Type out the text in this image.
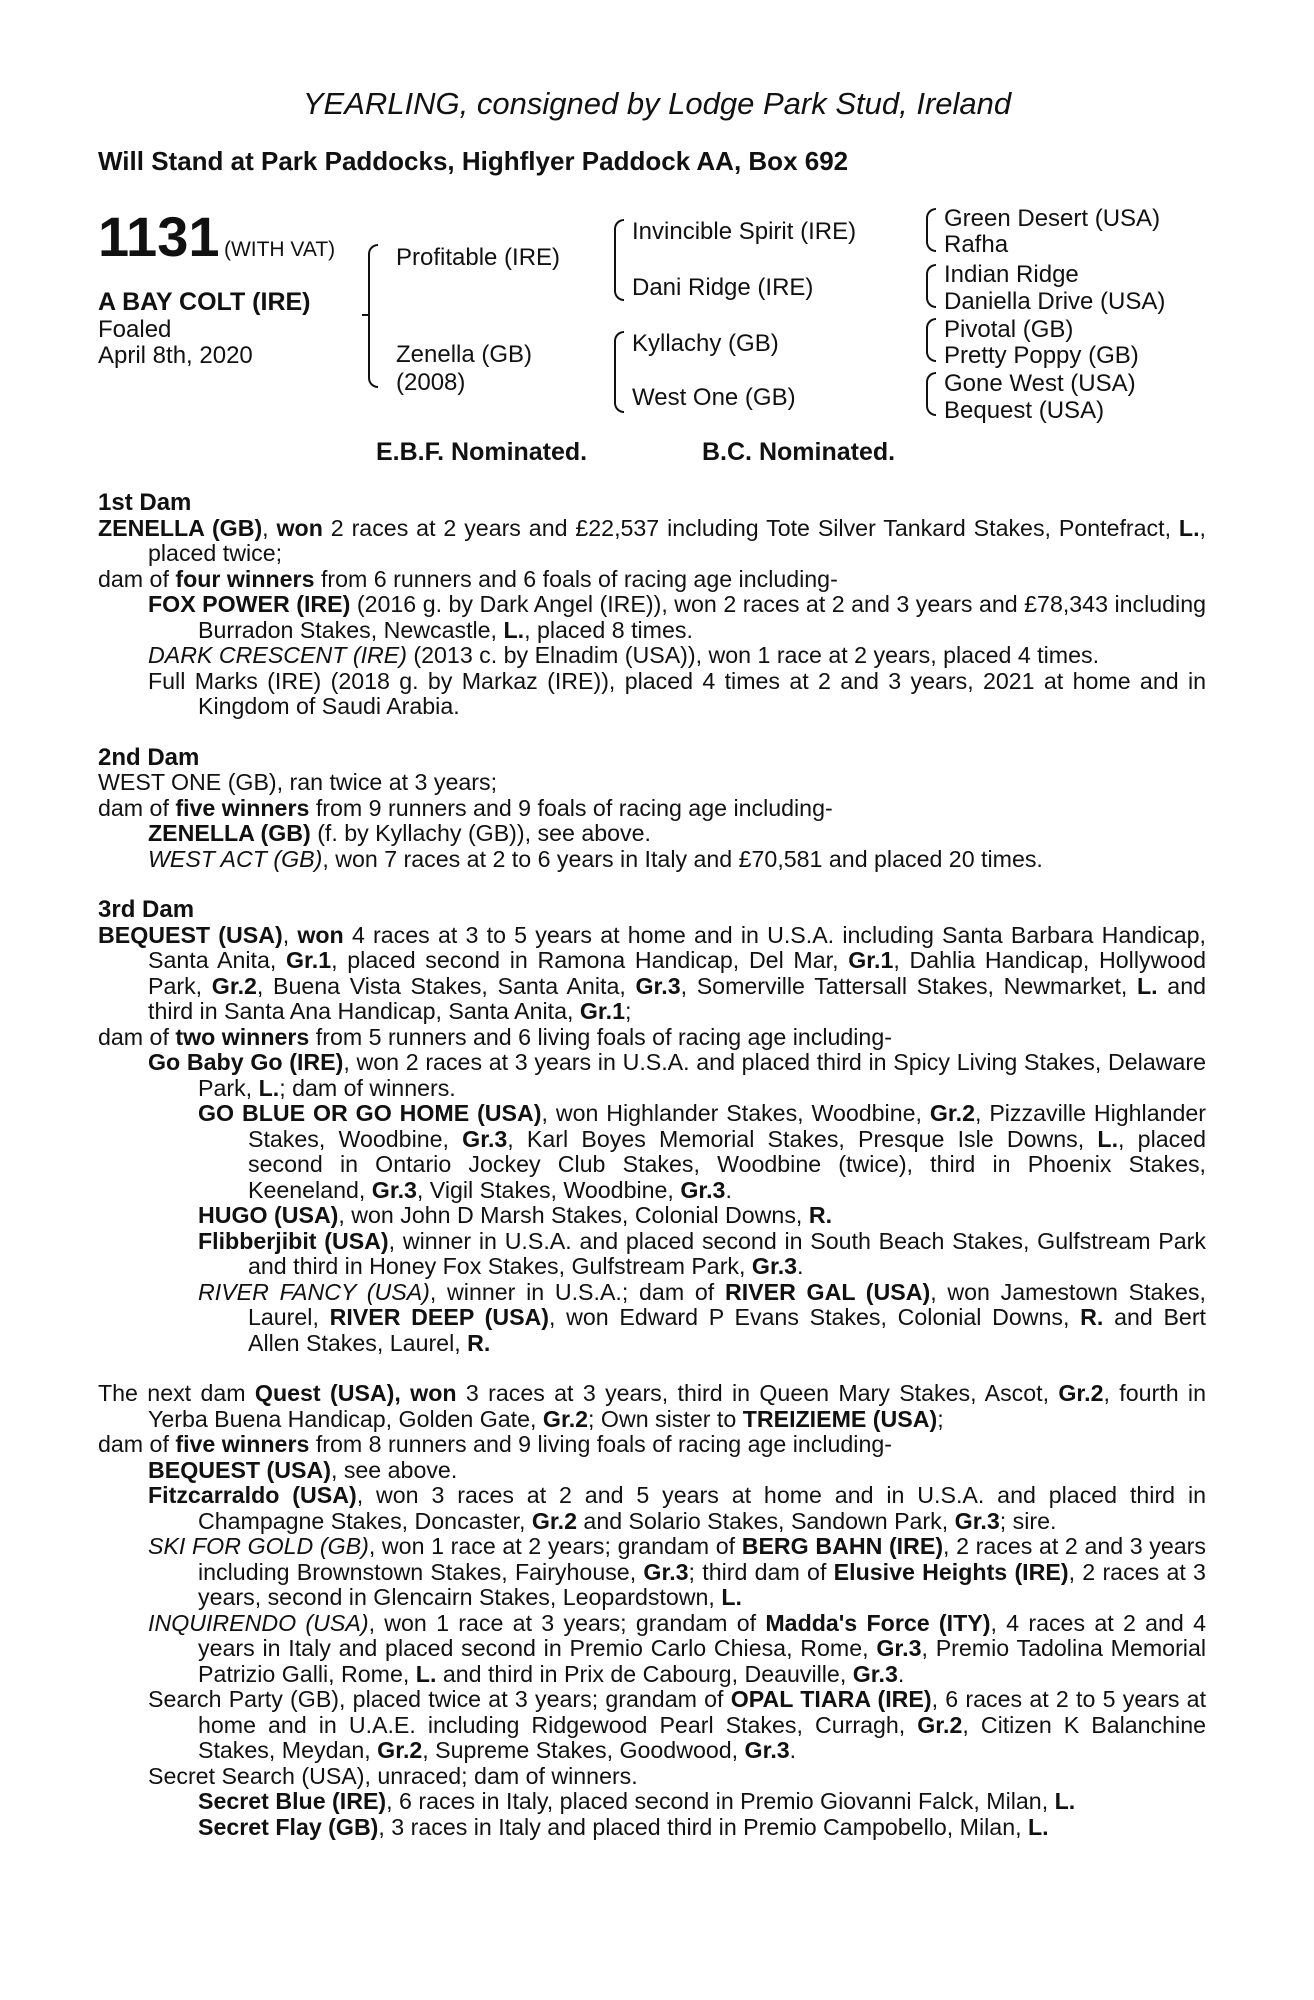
YEARLING, consigned by Lodge Park Stud, Ireland
Will Stand at Park Paddocks, Highflyer Paddock AA, Box 692
1131 (WITH VAT)
A BAY COLT (IRE)
Foaled
April 8th, 2020
Profitable (IRE)
Zenella (GB)
(2008)
Invincible Spirit (IRE)
Dani Ridge (IRE)
Kyllachy (GB)
West One (GB)
Green Desert (USA)
Rafha
Indian Ridge
Daniella Drive (USA)
Pivotal (GB)
Pretty Poppy (GB)
Gone West (USA)
Bequest (USA)
E.B.F. Nominated.	B.C. Nominated.

1st Dam

ZENELLA (GB), won 2 races at 2 years and £22,537 including Tote Silver Tankard Stakes, Pontefract, L., placed twice;

dam of four winners from 6 runners and 6 foals of racing age including-

FOX POWER (IRE) (2016 g. by Dark Angel (IRE)), won 2 races at 2 and 3 years and £78,343 including Burradon Stakes, Newcastle, L., placed 8 times.

DARK CRESCENT (IRE) (2013 c. by Elnadim (USA)), won 1 race at 2 years, placed 4 times.

Full Marks (IRE) (2018 g. by Markaz (IRE)), placed 4 times at 2 and 3 years, 2021 at home and in Kingdom of Saudi Arabia.

2nd Dam

WEST ONE (GB), ran twice at 3 years;

dam of five winners from 9 runners and 9 foals of racing age including-

ZENELLA (GB) (f. by Kyllachy (GB)), see above.

WEST ACT (GB), won 7 races at 2 to 6 years in Italy and £70,581 and placed 20 times.

3rd Dam

BEQUEST (USA), won 4 races at 3 to 5 years at home and in U.S.A. including Santa Barbara Handicap, Santa Anita, Gr.1, placed second in Ramona Handicap, Del Mar, Gr.1, Dahlia Handicap, Hollywood Park, Gr.2, Buena Vista Stakes, Santa Anita, Gr.3, Somerville Tattersall Stakes, Newmarket, L. and third in Santa Ana Handicap, Santa Anita, Gr.1;

dam of two winners from 5 runners and 6 living foals of racing age including-

Go Baby Go (IRE), won 2 races at 3 years in U.S.A. and placed third in Spicy Living Stakes, Delaware Park, L.; dam of winners.

GO BLUE OR GO HOME (USA), won Highlander Stakes, Woodbine, Gr.2, Pizzaville Highlander Stakes, Woodbine, Gr.3, Karl Boyes Memorial Stakes, Presque Isle Downs, L., placed second in Ontario Jockey Club Stakes, Woodbine (twice), third in Phoenix Stakes, Keeneland, Gr.3, Vigil Stakes, Woodbine, Gr.3.

HUGO (USA), won John D Marsh Stakes, Colonial Downs, R.

Flibberjibit (USA), winner in U.S.A. and placed second in South Beach Stakes, Gulfstream Park and third in Honey Fox Stakes, Gulfstream Park, Gr.3.

RIVER FANCY (USA), winner in U.S.A.; dam of RIVER GAL (USA), won Jamestown Stakes, Laurel, RIVER DEEP (USA), won Edward P Evans Stakes, Colonial Downs, R. and Bert Allen Stakes, Laurel, R.

The next dam Quest (USA), won 3 races at 3 years, third in Queen Mary Stakes, Ascot, Gr.2, fourth in Yerba Buena Handicap, Golden Gate, Gr.2; Own sister to TREIZIEME (USA);

dam of five winners from 8 runners and 9 living foals of racing age including-

BEQUEST (USA), see above.

Fitzcarraldo (USA), won 3 races at 2 and 5 years at home and in U.S.A. and placed third in Champagne Stakes, Doncaster, Gr.2 and Solario Stakes, Sandown Park, Gr.3; sire.

SKI FOR GOLD (GB), won 1 race at 2 years; grandam of BERG BAHN (IRE), 2 races at 2 and 3 years including Brownstown Stakes, Fairyhouse, Gr.3; third dam of Elusive Heights (IRE), 2 races at 3 years, second in Glencairn Stakes, Leopardstown, L.

INQUIRENDO (USA), won 1 race at 3 years; grandam of Madda's Force (ITY), 4 races at 2 and 4 years in Italy and placed second in Premio Carlo Chiesa, Rome, Gr.3, Premio Tadolina Memorial Patrizio Galli, Rome, L. and third in Prix de Cabourg, Deauville, Gr.3.

Search Party (GB), placed twice at 3 years; grandam of OPAL TIARA (IRE), 6 races at 2 to 5 years at home and in U.A.E. including Ridgewood Pearl Stakes, Curragh, Gr.2, Citizen K Balanchine Stakes, Meydan, Gr.2, Supreme Stakes, Goodwood, Gr.3.

Secret Search (USA), unraced; dam of winners.

Secret Blue (IRE), 6 races in Italy, placed second in Premio Giovanni Falck, Milan, L.

Secret Flay (GB), 3 races in Italy and placed third in Premio Campobello, Milan, L.
